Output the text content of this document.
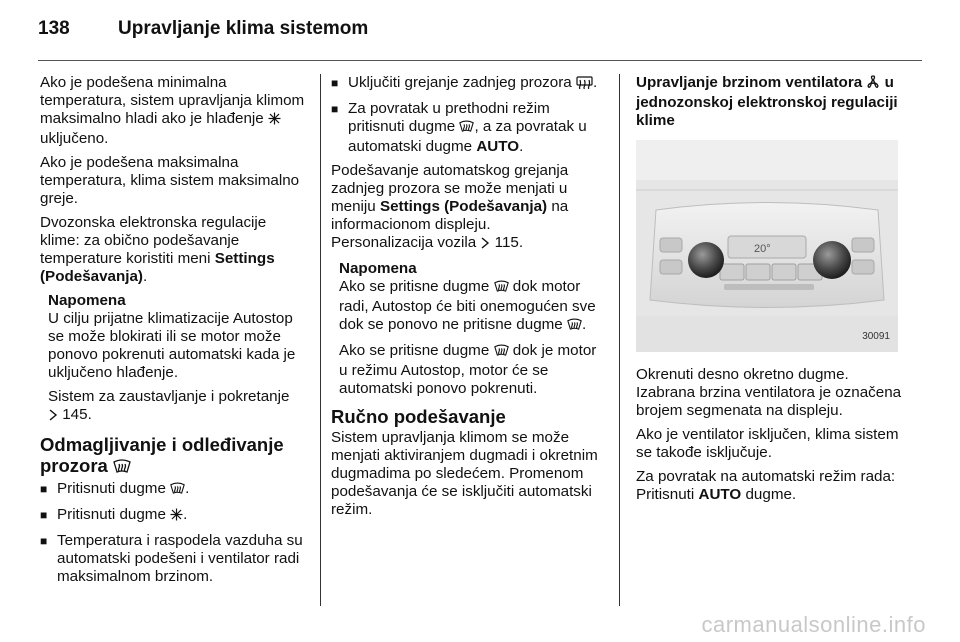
138	Upravljanje klima sistemom

Ako je podešena minimalna temperatura, sistem upravljanja klimom maksimalno hladi ako je hlađenje  uključeno.

Ako je podešena maksimalna temperatura, klima sistem maksimalno greje.

Dvozonska elektronska regulacije klime: za obično podešavanje temperature koristiti meni Settings (Podešavanja).

Napomena

U cilju prijatne klimatizacije Autostop se može blokirati ili se motor može ponovo pokrenuti automatski kada je uključeno hlađenje.

Sistem za zaustavljanje i pokretanje
145.

Odmagljivanje i odleđivanje prozora
■ Pritisnuti dugme .
■ Pritisnuti dugme .
■ Temperatura i raspodela vazduha su automatski podešeni i ventilator radi maksimalnom brzinom.
■ Uključiti grejanje zadnjeg prozora .
■ Za povratak u prethodni režim pritisnuti dugme , a za povratak u automatski dugme AUTO.

Podešavanje automatskog grejanja zadnjeg prozora se može menjati u meniju Settings (Podešavanja) na informacionom displeju.
Personalizacija vozila 115.

Napomena

Ako se pritisne dugme dok motor radi, Autostop će biti onemogućen sve dok se ponovo ne pritisne dugme .

Ako se pritisne dugme dok je motor u režimu Autostop, motor će se automatski ponovo pokrenuti.

Ručno podešavanje

Sistem upravljanja klimom se može menjati aktiviranjem dugmadi i okretnim dugmadima po sledećem. Promenom podešavanja će se isključiti automatski režim.

Upravljanje brzinom ventilatora u jednozonskoj elektronskoj regulaciji klime
20°
30091

Okrenuti desno okretno dugme. Izabrana brzina ventilatora je označena brojem segmenata na displeju.

Ako je ventilator isključen, klima sistem se takođe isključuje.

Za povratak na automatski režim rada: Pritisnuti AUTO dugme.

carmanualsonline.info
